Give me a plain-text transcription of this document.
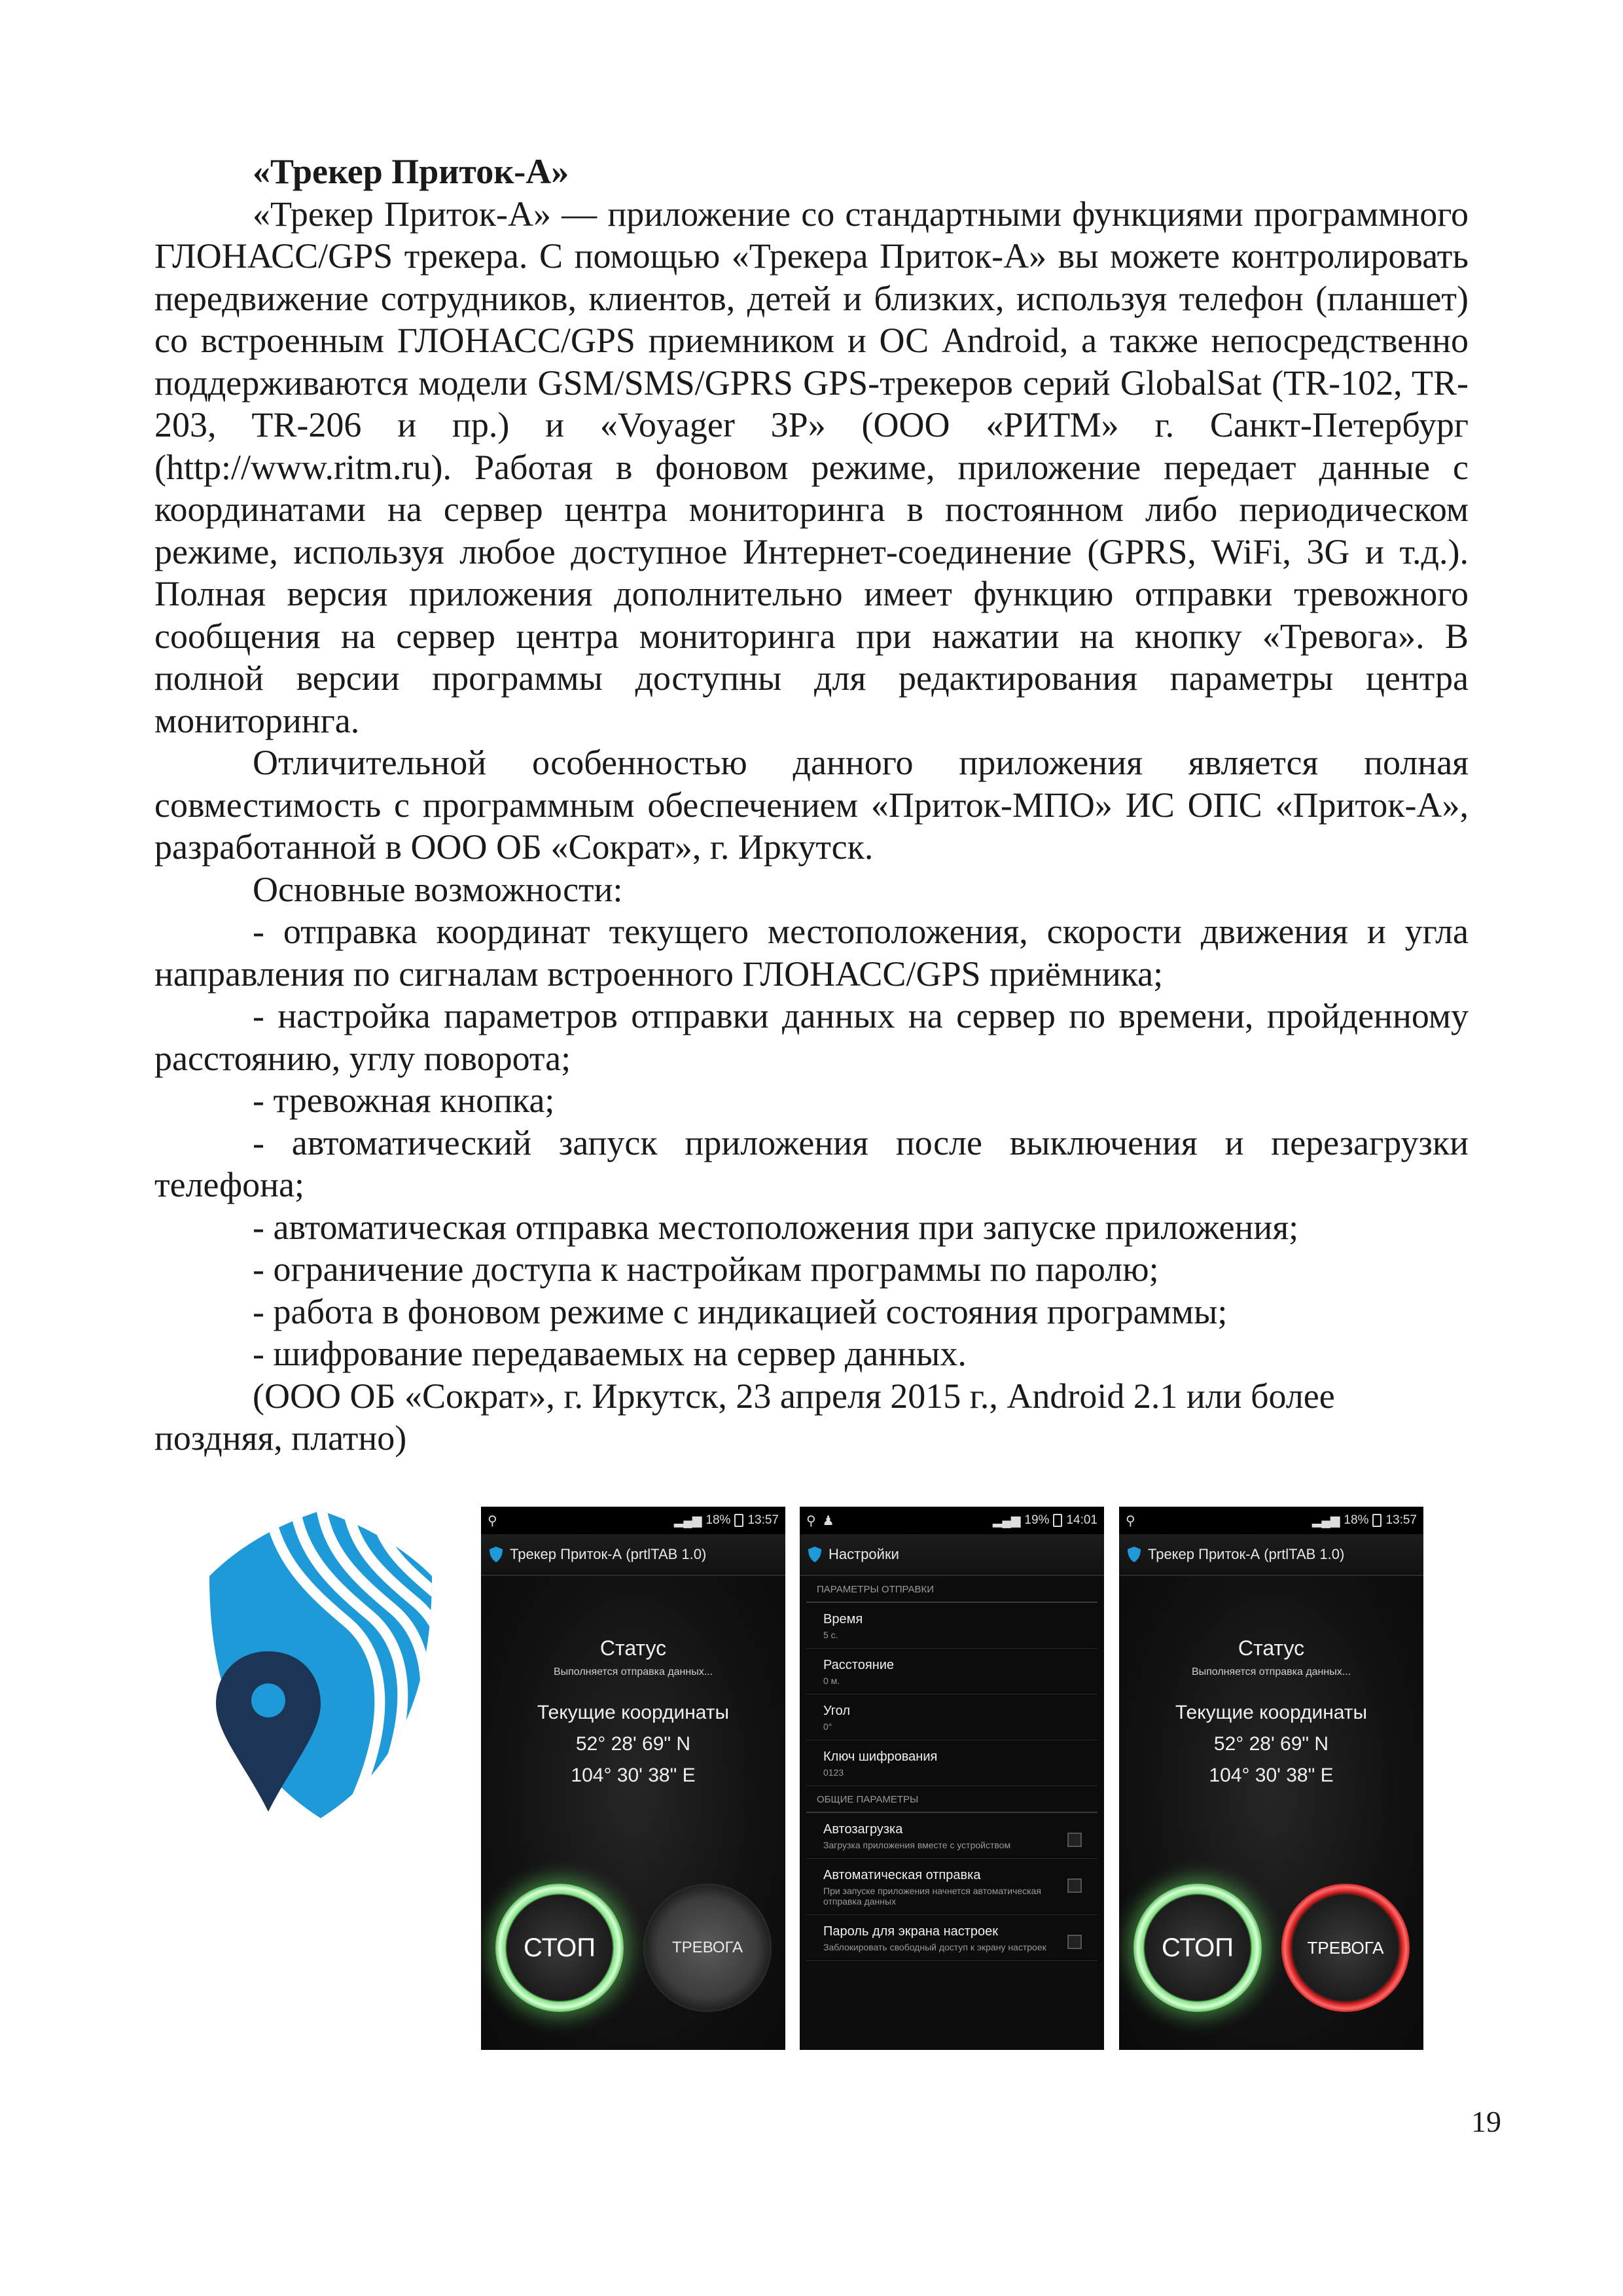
«Трекер Приток-А»

«Трекер Приток-А» — приложение со стандартными функциями программного ГЛОНАСС/GPS трекера. С помощью «Трекера Приток-А» вы можете контролировать передвижение сотрудников, клиентов, детей и близких, используя телефон (планшет) со встроенным ГЛОНАСС/GPS приемником и ОС Android, а также непосредственно поддерживаются модели GSM/SMS/GPRS GPS-трекеров серий GlobalSat (TR-102, TR-203, TR-206 и пр.) и «Voyager 3P» (ООО «РИТМ» г. Санкт-Петербург (http://www.ritm.ru). Работая в фоновом режиме, приложение передает данные с координатами на сервер центра мониторинга в постоянном либо периодическом режиме, используя любое доступное Интернет-соединение (GPRS, WiFi, 3G и т.д.). Полная версия приложения дополнительно имеет функцию отправки тревожного сообщения на сервер центра мониторинга при нажатии на кнопку «Тревога». В полной версии программы доступны для редактирования параметры центра мониторинга.

Отличительной особенностью данного приложения является полная совместимость с программным обеспечением «Приток-МПО» ИС ОПС «Приток-А», разработанной в ООО ОБ «Сократ», г. Иркутск.

Основные возможности:

- отправка координат текущего местоположения, скорости движения и угла направления по сигналам встроенного ГЛОНАСС/GPS приёмника;

- настройка параметров отправки данных на сервер по времени, пройденному расстоянию, углу поворота;

- тревожная кнопка;

- автоматический запуск приложения после выключения и перезагрузки телефона;

- автоматическая отправка местоположения при запуске приложения;

- ограничение доступа к настройкам программы по паролю;

- работа в фоновом режиме с индикацией состояния программы;

- шифрование передаваемых на сервер данных.

(ООО ОБ «Сократ», г. Иркутск, 23 апреля 2015 г., Android 2.1 или более поздняя, платно)

⚲	▂▄▆ 18% 13:57
Трекер Приток-А (prtlTAB 1.0)
Статус
Выполняется отправка данных...
Текущие координаты
52° 28' 69" N
104° 30' 38" E
СТОП	ТРЕВОГА
⚲ ♟	▂▄▆ 19% 14:01
Настройки
ПАРАМЕТРЫ ОТПРАВКИ
Время
5 с.
Расстояние
0 м.
Угол
0°
Ключ шифрования
0123
ОБЩИЕ ПАРАМЕТРЫ
Автозагрузка
Загрузка приложения вместе с устройством
Автоматическая отправка
При запуске приложения начнется автоматическая отправка данных
Пароль для экрана настроек
Заблокировать свободный доступ к экрану настроек
⚲	▂▄▆ 18% 13:57
Трекер Приток-А (prtlTAB 1.0)
Статус
Выполняется отправка данных...
Текущие координаты
52° 28' 69" N
104° 30' 38" E
СТОП	ТРЕВОГА
19
